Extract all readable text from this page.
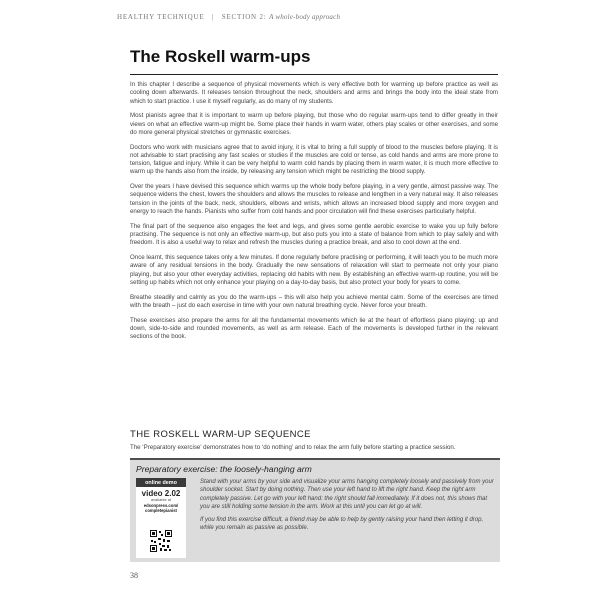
HEALTHY TECHNIQUE | SECTION 2: A whole-body approach
The Roskell warm-ups

In this chapter I describe a sequence of physical movements which is very effective both for warming up before practice as well as cooling down afterwards. It releases tension throughout the neck, shoulders and arms and brings the body into the ideal state from which to start practice. I use it myself regularly, as do many of my students.

Most pianists agree that it is important to warm up before playing, but those who do regular warm-ups tend to differ greatly in their views on what an effective warm-up might be. Some place their hands in warm water, others play scales or other exercises, and some do more general physical stretches or gymnastic exercises.

Doctors who work with musicians agree that to avoid injury, it is vital to bring a full supply of blood to the muscles before playing. It is not advisable to start practising any fast scales or studies if the muscles are cold or tense, as cold hands and arms are more prone to tension, fatigue and injury. While it can be very helpful to warm cold hands by placing them in warm water, it is much more effective to warm up the hands also from the inside, by releasing any tension which might be restricting the blood supply.

Over the years I have devised this sequence which warms up the whole body before playing, in a very gentle, almost passive way. The sequence widens the chest, lowers the shoulders and allows the muscles to release and lengthen in a very natural way. It also releases tension in the joints of the back, neck, shoulders, elbows and wrists, which allows an increased blood supply and more oxygen and energy to reach the hands. Pianists who suffer from cold hands and poor circulation will find these exercises particularly helpful.

The final part of the sequence also engages the feet and legs, and gives some gentle aerobic exercise to wake you up fully before practising. The sequence is not only an effective warm-up, but also puts you into a state of balance from which to play safely and with freedom. It is also a useful way to relax and refresh the muscles during a practice break, and also to cool down at the end.

Once learnt, this sequence takes only a few minutes. If done regularly before practising or performing, it will teach you to be much more aware of any residual tensions in the body. Gradually the new sensations of relaxation will start to permeate not only your piano playing, but also your other everyday activities, replacing old habits with new. By establishing an effective warm-up routine, you will be setting up habits which not only enhance your playing on a day-to-day basis, but also protect your body for years to come.

Breathe steadily and calmly as you do the warm-ups – this will also help you achieve mental calm. Some of the exercises are timed with the breath – just do each exercise in time with your own natural breathing cycle. Never force your breath.

These exercises also prepare the arms for all the fundamental movements which lie at the heart of effortless piano playing: up and down, side-to-side and rounded movements, as well as arm release. Each of the movements is developed further in the relevant sections of the book.

THE ROSKELL WARM-UP SEQUENCE
The ‘Preparatory exercise’ demonstrates how to ‘do nothing’ and to relax the arm fully before starting a practice session.
Preparatory exercise: the loosely-hanging arm
online demo
video 2.02
available at
edsonpress.com/
completepianist

Stand with your arms by your side and visualize your arms hanging completely loosely and passively from your shoulder socket. Start by doing nothing. Then use your left hand to lift the right hand. Keep the right arm completely passive. Let go with your left hand: the right should fall immediately. If it does not, this shows that you are still holding some tension in the arm. Work at this until you can let go at will.

If you find this exercise difficult, a friend may be able to help by gently raising your hand then letting it drop, while you remain as passive as possible.

38
